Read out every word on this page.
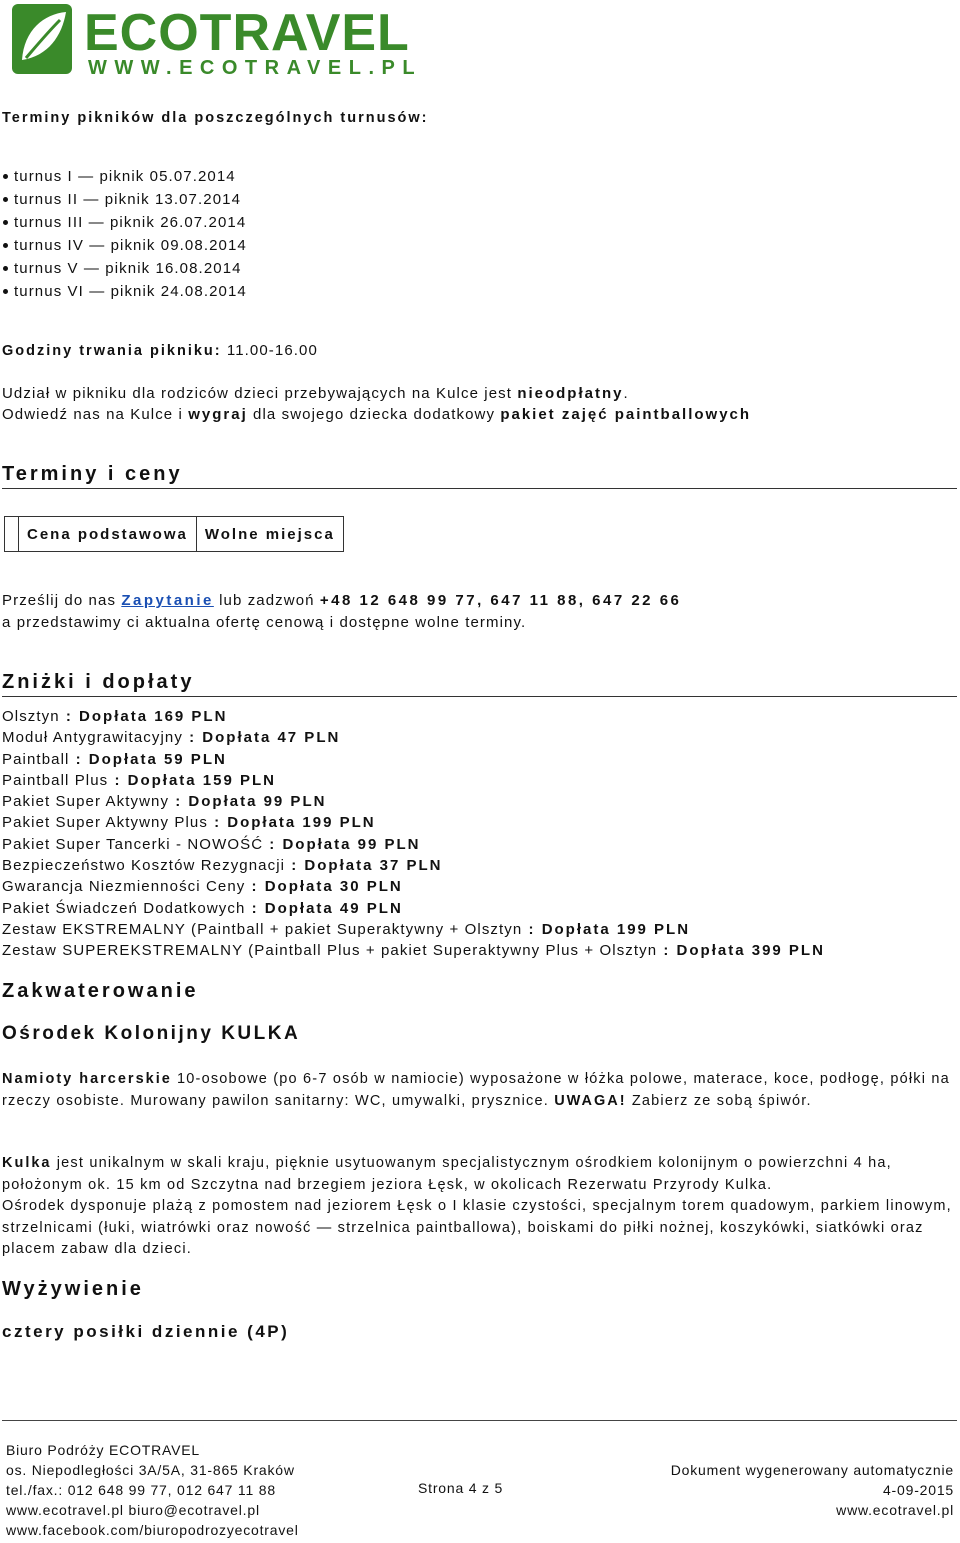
ECOTRAVEL
WWW.ECOTRAVEL.PL
Terminy pikników dla poszczególnych turnusów:
turnus I — piknik 05.07.2014
turnus II — piknik 13.07.2014
turnus III — piknik 26.07.2014
turnus IV — piknik 09.08.2014
turnus V — piknik 16.08.2014
turnus VI — piknik 24.08.2014
Godziny trwania pikniku: 11.00-16.00
Udział w pikniku dla rodziców dzieci przebywających na Kulce jest nieodpłatny.
Odwiedź nas na Kulce i wygraj dla swojego dziecka dodatkowy pakiet zajęć paintballowych
Terminy i ceny
	Cena podstawowa	Wolne miejsca
Prześlij do nas Zapytanie lub zadzwoń +48 12 648 99 77, 647 11 88, 647 22 66
a przedstawimy ci aktualna ofertę cenową i dostępne wolne terminy.
Zniżki i dopłaty
Olsztyn : Dopłata 169 PLN
Moduł Antygrawitacyjny : Dopłata 47 PLN
Paintball : Dopłata 59 PLN
Paintball Plus : Dopłata 159 PLN
Pakiet Super Aktywny : Dopłata 99 PLN
Pakiet Super Aktywny Plus : Dopłata 199 PLN
Pakiet Super Tancerki - NOWOŚĆ : Dopłata 99 PLN
Bezpieczeństwo Kosztów Rezygnacji : Dopłata 37 PLN
Gwarancja Niezmienności Ceny : Dopłata 30 PLN
Pakiet Świadczeń Dodatkowych : Dopłata 49 PLN
Zestaw EKSTREMALNY (Paintball + pakiet Superaktywny + Olsztyn : Dopłata 199 PLN
Zestaw SUPEREKSTREMALNY (Paintball Plus + pakiet Superaktywny Plus + Olsztyn : Dopłata 399 PLN
Zakwaterowanie
Ośrodek Kolonijny KULKA
Namioty harcerskie 10-osobowe (po 6-7 osób w namiocie) wyposażone w łóżka polowe, materace, koce, podłogę, półki na rzeczy osobiste. Murowany pawilon sanitarny: WC, umywalki, prysznice. UWAGA! Zabierz ze sobą śpiwór.
Kulka jest unikalnym w skali kraju, pięknie usytuowanym specjalistycznym ośrodkiem kolonijnym o powierzchni 4 ha, położonym ok. 15 km od Szczytna nad brzegiem jeziora Łęsk, w okolicach Rezerwatu Przyrody Kulka.
Ośrodek dysponuje plażą z pomostem nad jeziorem Łęsk o I klasie czystości, specjalnym torem quadowym, parkiem linowym, strzelnicami (łuki, wiatrówki oraz nowość — strzelnica paintballowa), boiskami do piłki nożnej, koszykówki, siatkówki oraz placem zabaw dla dzieci.
Wyżywienie
cztery posiłki dziennie (4P)
Biuro Podróży ECOTRAVEL
os. Niepodległości 3A/5A, 31-865 Kraków
tel./fax.: 012 648 99 77, 012 647 11 88
www.ecotravel.pl biuro@ecotravel.pl
www.facebook.com/biuropodrozyecotravel
Strona 4 z 5
Dokument wygenerowany automatycznie
4-09-2015
www.ecotravel.pl
